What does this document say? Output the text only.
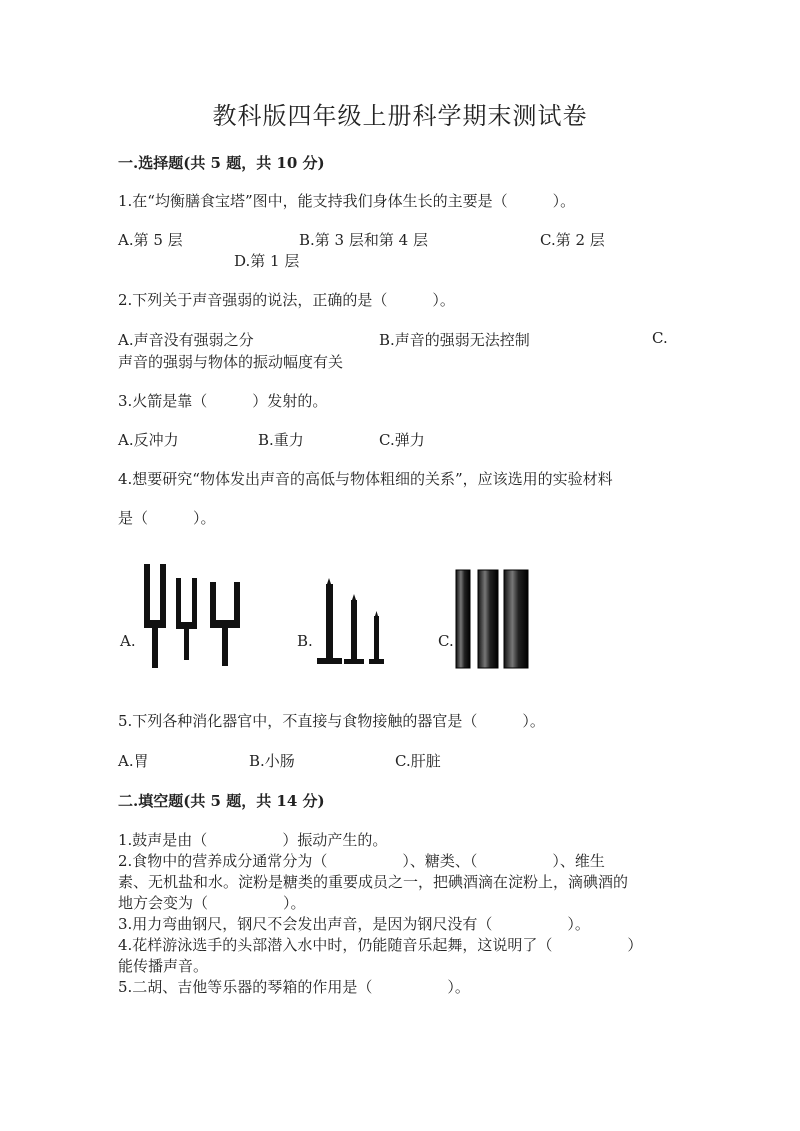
教科版四年级上册科学期末测试卷
一.选择题(共 5 题，共 10 分)
1.在“均衡膳食宝塔”图中，能支持我们身体生长的主要是（　　　）。
A.第 5 层	B.第 3 层和第 4 层	C.第 2 层
D.第 1 层
2.下列关于声音强弱的说法，正确的是（　　　）。
A.声音没有强弱之分	B.声音的强弱无法控制	C.
声音的强弱与物体的振动幅度有关
3.火箭是靠（　　　）发射的。
A.反冲力	B.重力	C.弹力
4.想要研究“物体发出声音的高低与物体粗细的关系”，应该选用的实验材料
是（　　　）。
A.	B.	C.
5.下列各种消化器官中，不直接与食物接触的器官是（　　　）。
A.胃	B.小肠	C.肝脏
二.填空题(共 5 题，共 14 分)
1.鼓声是由（　　　　　）振动产生的。
2.食物中的营养成分通常分为（　　　　　）、糖类、（　　　　　）、维生
素、无机盐和水。淀粉是糖类的重要成员之一，把碘酒滴在淀粉上，滴碘酒的
地方会变为（　　　　　）。
3.用力弯曲钢尺，钢尺不会发出声音，是因为钢尺没有（　　　　　）。
4.花样游泳选手的头部潜入水中时，仍能随音乐起舞，这说明了（　　　　　）
能传播声音。
5.二胡、吉他等乐器的琴箱的作用是（　　　　　）。
